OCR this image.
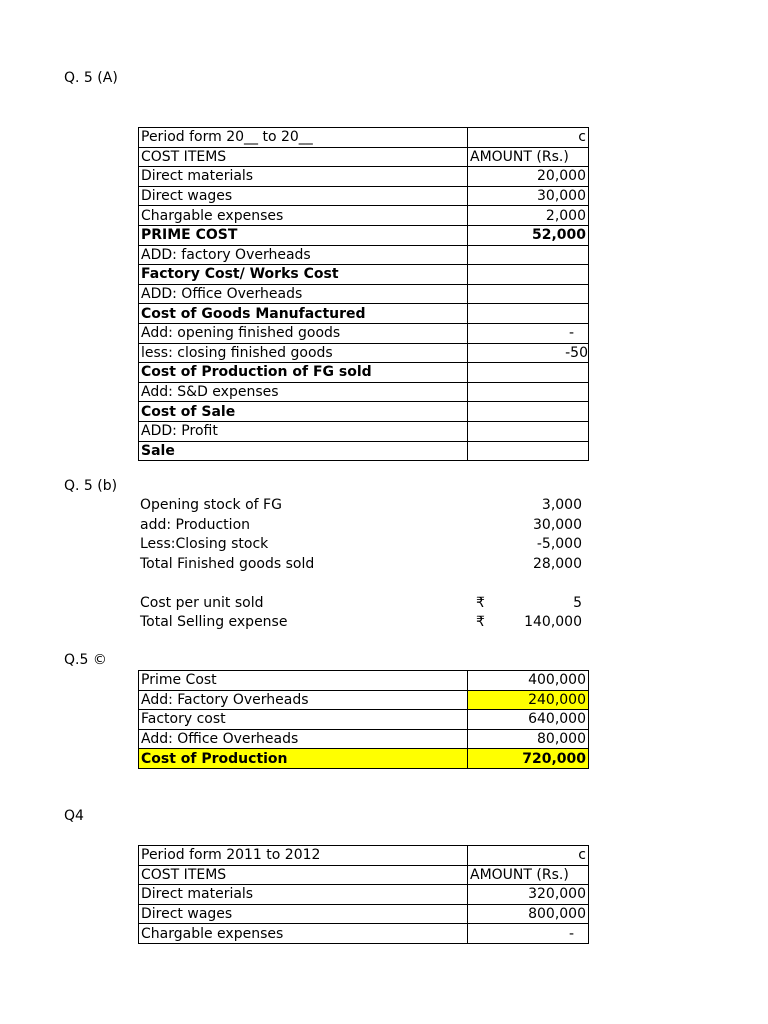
Q. 5 (A)
Period form 20__ to 20__	c
COST ITEMS	AMOUNT (Rs.)
Direct materials	20,000
Direct wages	30,000
Chargable expenses	2,000
PRIME COST	52,000
ADD: factory Overheads	
Factory Cost/ Works Cost	
ADD: Office Overheads	
Cost of Goods Manufactured	
Add: opening finished goods	-
less: closing finished goods	-50
Cost of Production of FG sold	
Add: S&D expenses	
Cost of Sale	
ADD: Profit	
Sale	
Q. 5 (b)
Opening stock of FG	3,000
add: Production	30,000
Less:Closing stock	-5,000
Total Finished goods sold	28,000
Cost per unit sold	₹	5
Total Selling expense	₹	140,000
Q.5 ©
Prime Cost	400,000
Add: Factory Overheads	240,000
Factory cost	640,000
Add: Office Overheads	80,000
Cost of Production	720,000
Q4
Period form 2011 to 2012	c
COST ITEMS	AMOUNT (Rs.)
Direct materials	320,000
Direct wages	800,000
Chargable expenses	-
